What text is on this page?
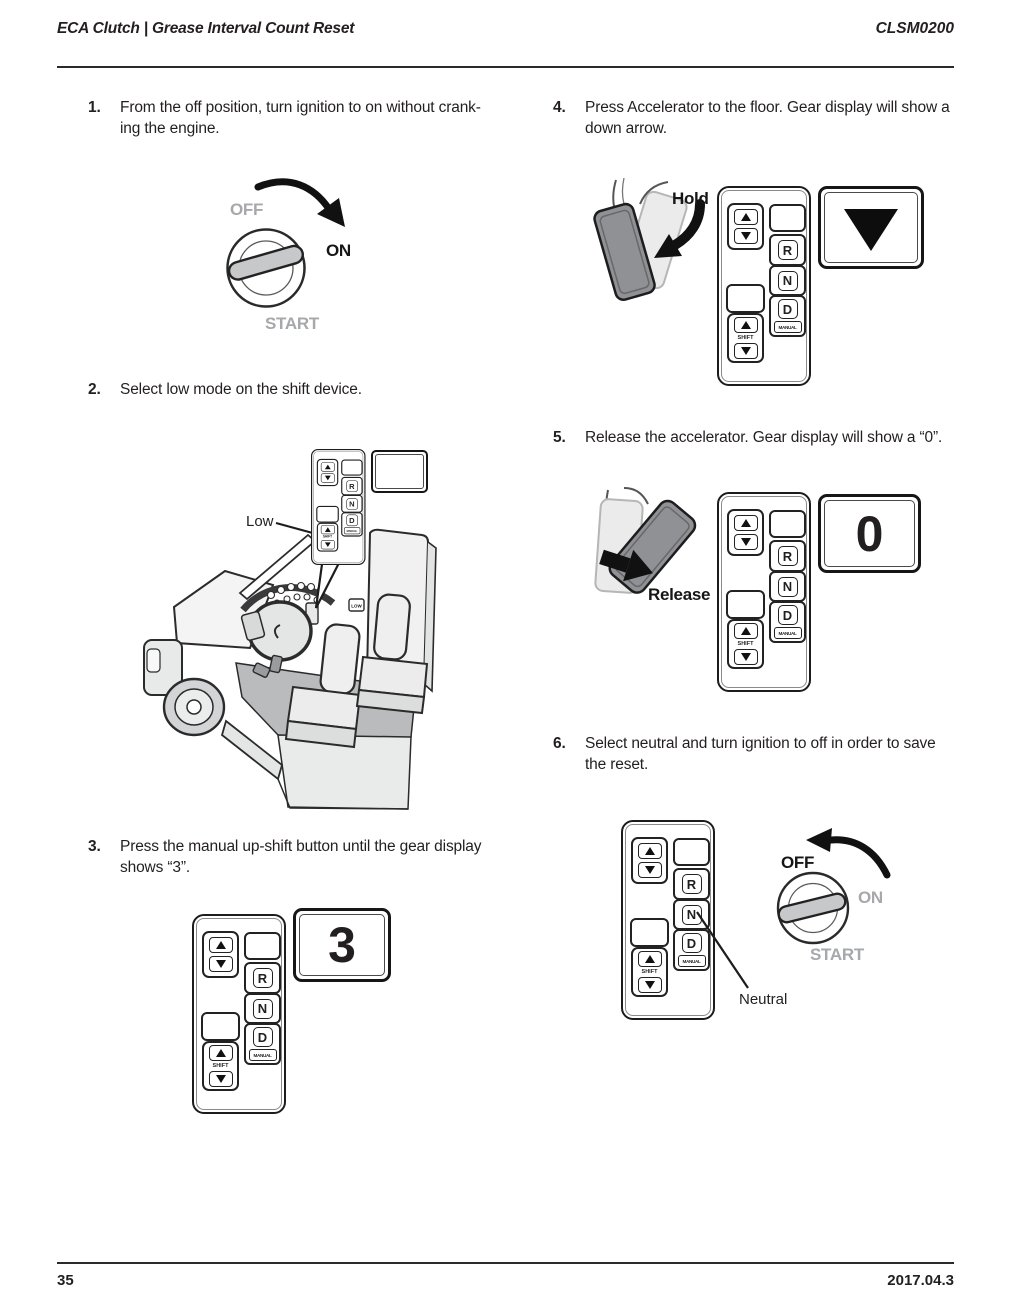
ECA Clutch | Grease Interval Count Reset	CLSM0200
1.	From the off position, turn ignition to on without crank-
ing the engine.
2.	Select low mode on the shift device.
3.	Press the manual up-shift button until the gear display
shows “3”.
4.	Press Accelerator to the floor. Gear display will show a
down arrow.
5.	Release the accelerator. Gear display will show a “0”.
6.	Select neutral and turn ignition to off in order to save
the reset.
OFF
ON
START
LOW
Low
R
N
D
MANUAL
SHIFT
R
N
D
MANUAL
SHIFT
3
Hold
R
N
D
MANUAL
SHIFT
Release
R
N
D
MANUAL
SHIFT
0
R
N
D
MANUAL
SHIFT
Neutral
OFF
ON
START
35	2017.04.3
